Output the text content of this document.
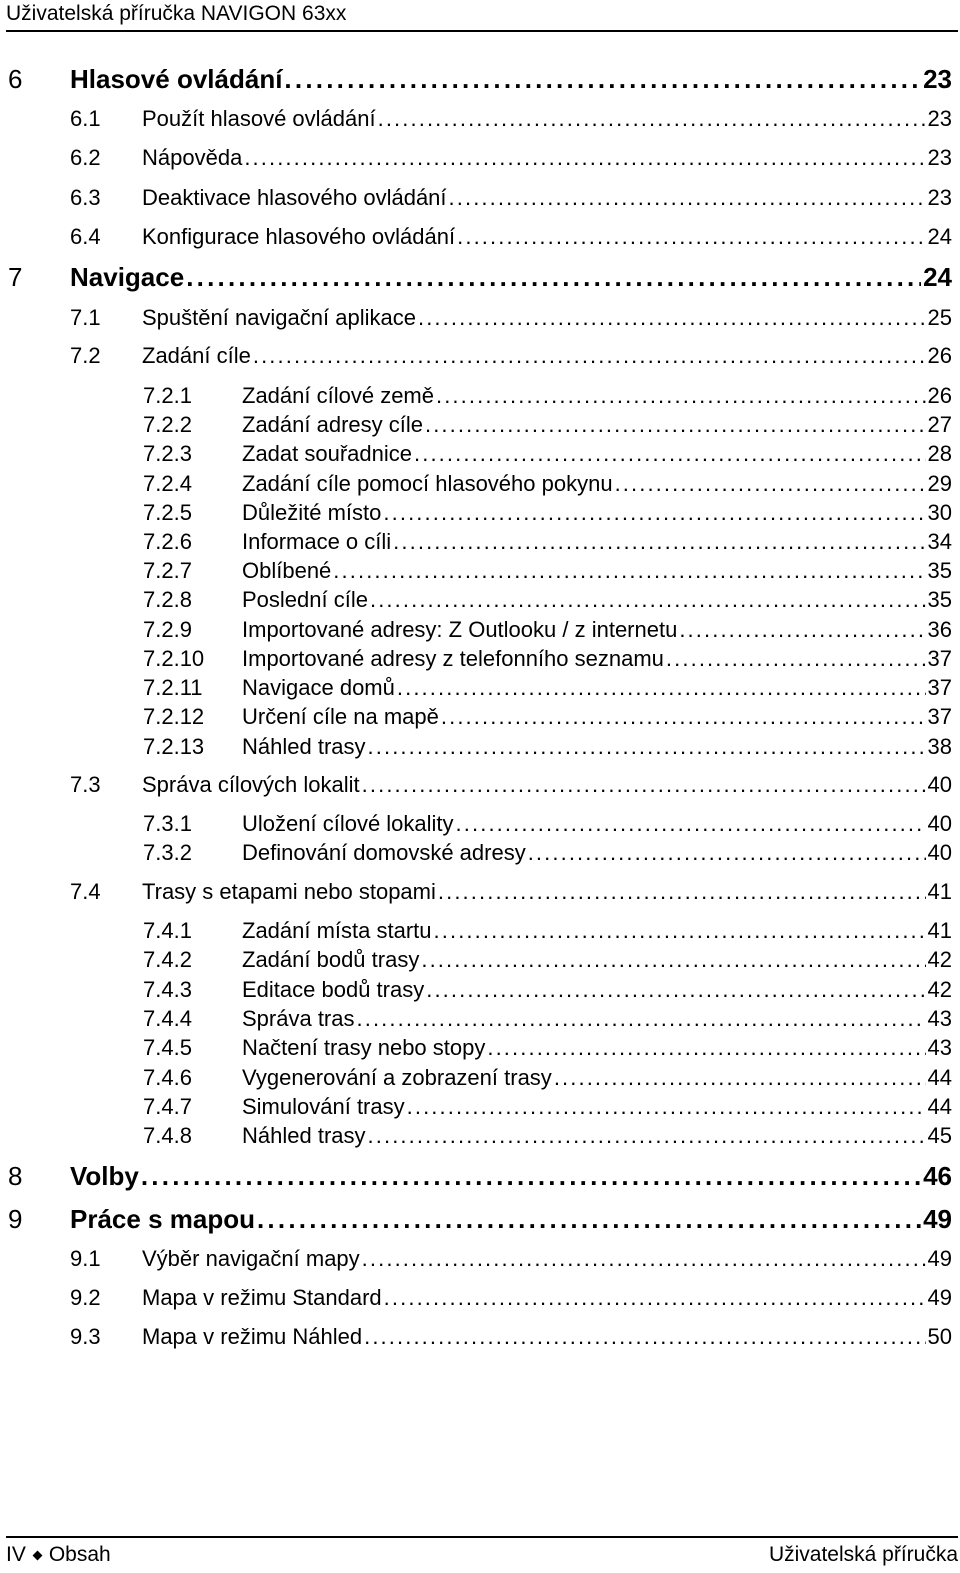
Uživatelská příručka NAVIGON 63xx
6 Hlasové ovládání . . .	23
6.1 Použít hlasové ovládání . . .	23
6.2 Nápověda . . .	23
6.3 Deaktivace hlasového ovládání . . .	23
6.4 Konfigurace hlasového ovládání . . .	24
7 Navigace . . .	24
7.1 Spuštění navigační aplikace . . .	25
7.2 Zadání cíle . . .	26
7.2.1 Zadání cílové země . . .	26
7.2.2 Zadání adresy cíle . . .	27
7.2.3 Zadat souřadnice . . .	28
7.2.4 Zadání cíle pomocí hlasového pokynu . . .	29
7.2.5 Důležité místo . . .	30
7.2.6 Informace o cíli . . .	34
7.2.7 Oblíbené . . .	35
7.2.8 Poslední cíle . . .	35
7.2.9 Importované adresy: Z Outlooku / z internetu . . .	36
7.2.10 Importované adresy z telefonního seznamu . . .	37
7.2.11 Navigace domů . . .	37
7.2.12 Určení cíle na mapě . . .	37
7.2.13 Náhled trasy . . .	38
7.3 Správa cílových lokalit . . .	40
7.3.1 Uložení cílové lokality . . .	40
7.3.2 Definování domovské adresy . . .	40
7.4 Trasy s etapami nebo stopami . . .	41
7.4.1 Zadání místa startu . . .	41
7.4.2 Zadání bodů trasy . . .	42
7.4.3 Editace bodů trasy . . .	42
7.4.4 Správa tras . . .	43
7.4.5 Načtení trasy nebo stopy . . .	43
7.4.6 Vygenerování a zobrazení trasy . . .	44
7.4.7 Simulování trasy . . .	44
7.4.8 Náhled trasy . . .	45
8 Volby . . .	46
9 Práce s mapou . . .	49
9.1 Výběr navigační mapy . . .	49
9.2 Mapa v režimu Standard . . .	49
9.3 Mapa v režimu Náhled . . .	50
IV Obsah	Uživatelská příručka
